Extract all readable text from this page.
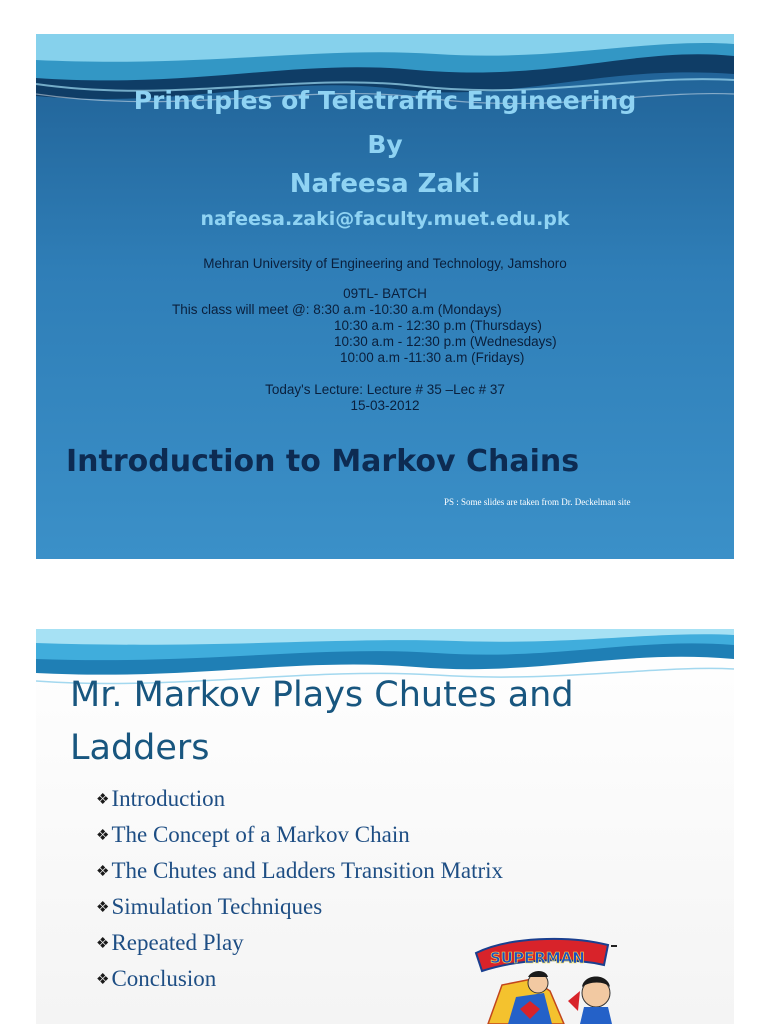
Principles of Teletraffic Engineering
By
Nafeesa Zaki
nafeesa.zaki@faculty.muet.edu.pk
Mehran University of Engineering and Technology, Jamshoro
09TL- BATCH
This class will meet @: 8:30 a.m -10:30 a.m (Mondays)
10:30 a.m - 12:30 p.m (Thursdays)
10:30 a.m - 12:30 p.m (Wednesdays)
10:00 a.m -11:30 a.m (Fridays)
Today's Lecture: Lecture # 35 –Lec # 37
15-03-2012
Introduction to Markov Chains
PS : Some slides are taken from Dr. Deckelman site
Mr. Markov Plays Chutes and Ladders
❖Introduction
❖The Concept of a Markov Chain
❖The Chutes and Ladders Transition Matrix
❖Simulation Techniques
❖Repeated Play
❖Conclusion
SUPERMAN
